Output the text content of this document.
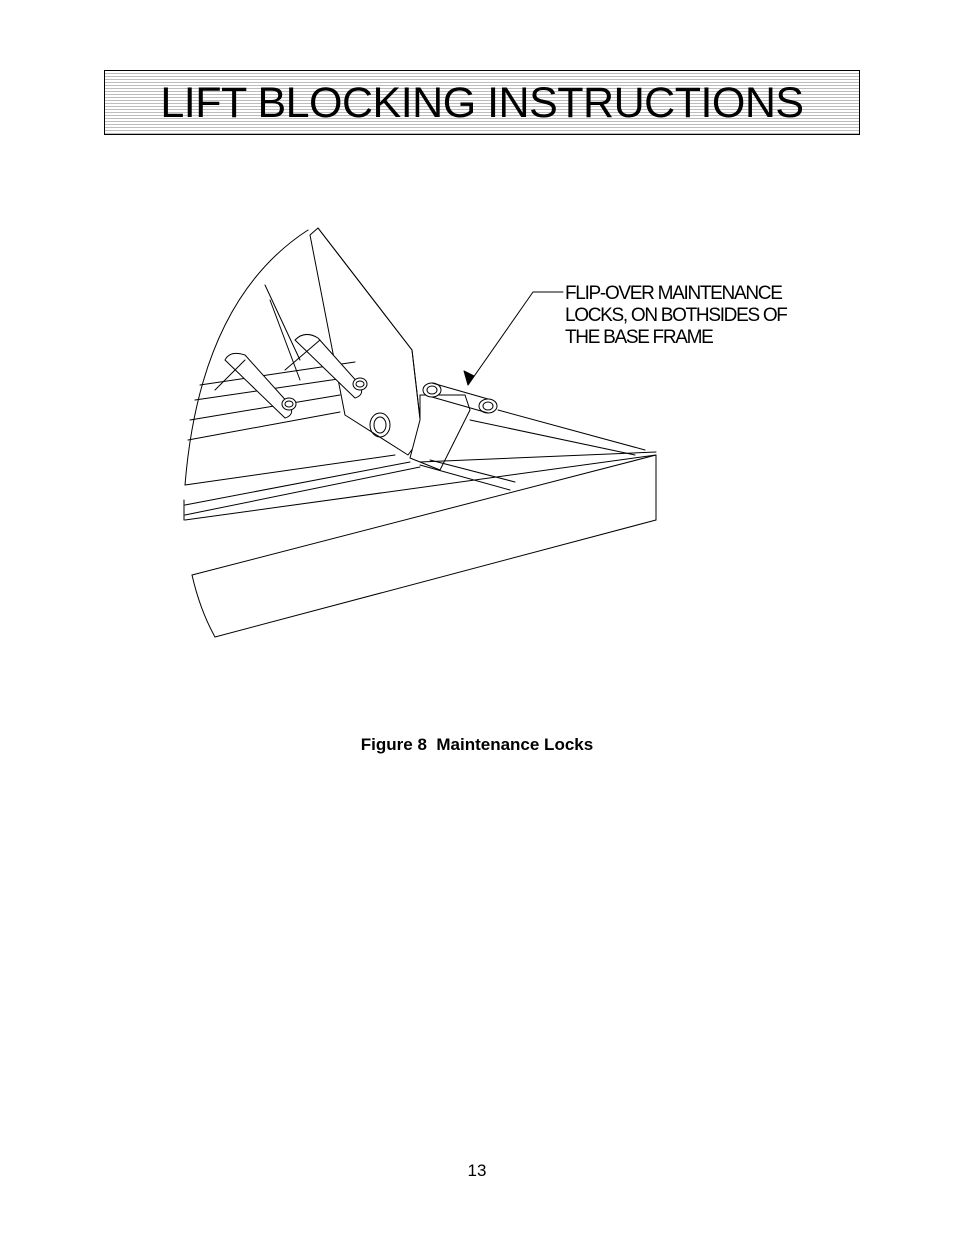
LIFT BLOCKING INSTRUCTIONS
FLIP-OVER MAINTENANCE
LOCKS, ON BOTHSIDES OF
THE BASE FRAME
Figure 8  Maintenance Locks
13
